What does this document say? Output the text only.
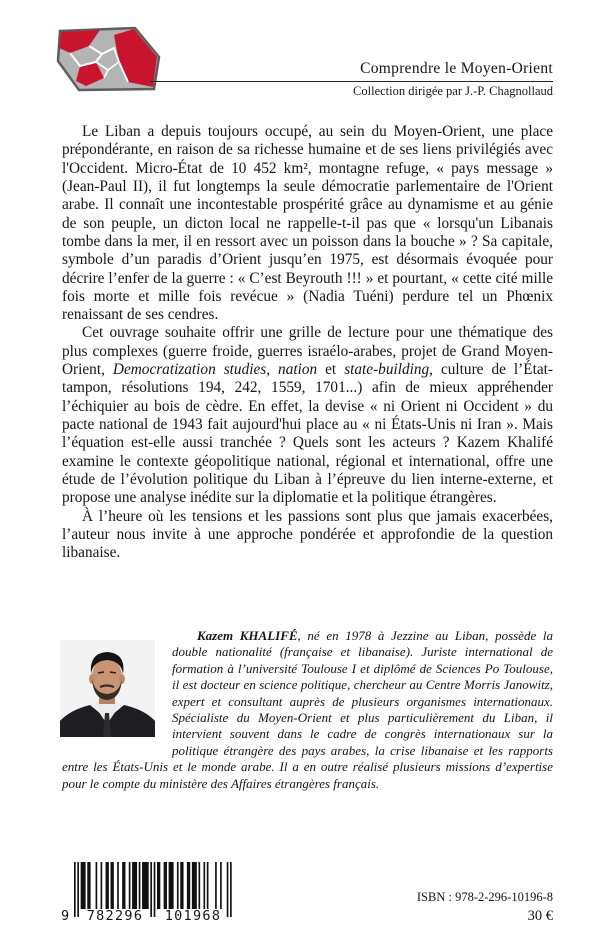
Comprendre le Moyen-Orient
Collection dirigée par J.-P. Chagnollaud

Le Liban a depuis toujours occupé, au sein du Moyen-Orient, une place prépondérante, en raison de sa richesse humaine et de ses liens privilégiés avec l'Occident. Micro-État de 10 452 km², montagne refuge, « pays message » (Jean-Paul II), il fut longtemps la seule démocratie parlementaire de l'Orient arabe. Il connaît une incontestable prospérité grâce au dynamisme et au génie de son peuple, un dicton local ne rappelle-t-il pas que « lorsqu'un Libanais tombe dans la mer, il en ressort avec un poisson dans la bouche » ? Sa capitale, symbole d’un paradis d’Orient jusqu’en 1975, est désormais évoquée pour décrire l’enfer de la guerre : « C’est Beyrouth !!! » et pourtant, « cette cité mille fois morte et mille fois revécue » (Nadia Tuéni) perdure tel un Phœnix renaissant de ses cendres.

Cet ouvrage souhaite offrir une grille de lecture pour une thématique des plus complexes (guerre froide, guerres israélo-arabes, projet de Grand Moyen-Orient, Democratization studies, nation et state-building, culture de l’État-tampon, résolutions 194, 242, 1559, 1701...) afin de mieux appréhender l’échiquier au bois de cèdre. En effet, la devise « ni Orient ni Occident » du pacte national de 1943 fait aujourd'hui place au « ni États-Unis ni Iran ». Mais l’équation est-elle aussi tranchée ? Quels sont les acteurs ? Kazem Khalifé examine le contexte géopolitique national, régional et international, offre une étude de l’évolution politique du Liban à l’épreuve du lien interne-externe, et propose une analyse inédite sur la diplomatie et la politique étrangères.

À l’heure où les tensions et les passions sont plus que jamais exacerbées, l’auteur nous invite à une approche pondérée et approfondie de la question libanaise.

Kazem KHALIFÉ, né en 1978 à Jezzine au Liban, possède la double nationalité (française et libanaise). Juriste international de formation à l’université Toulouse I et diplômé de Sciences Po Toulouse, il est docteur en science politique, chercheur au Centre Morris Janowitz, expert et consultant auprès de plusieurs organismes internationaux. Spécialiste du Moyen-Orient et plus particulièrement du Liban, il intervient souvent dans le cadre de congrès internationaux sur la politique étrangère des pays arabes, la crise libanaise et les rapports entre les États-Unis et le monde arabe. Il a en outre réalisé plusieurs missions d’expertise pour le compte du ministère des Affaires étrangères français.

9	782296	101968
ISBN : 978-2-296-10196-8
30 €
